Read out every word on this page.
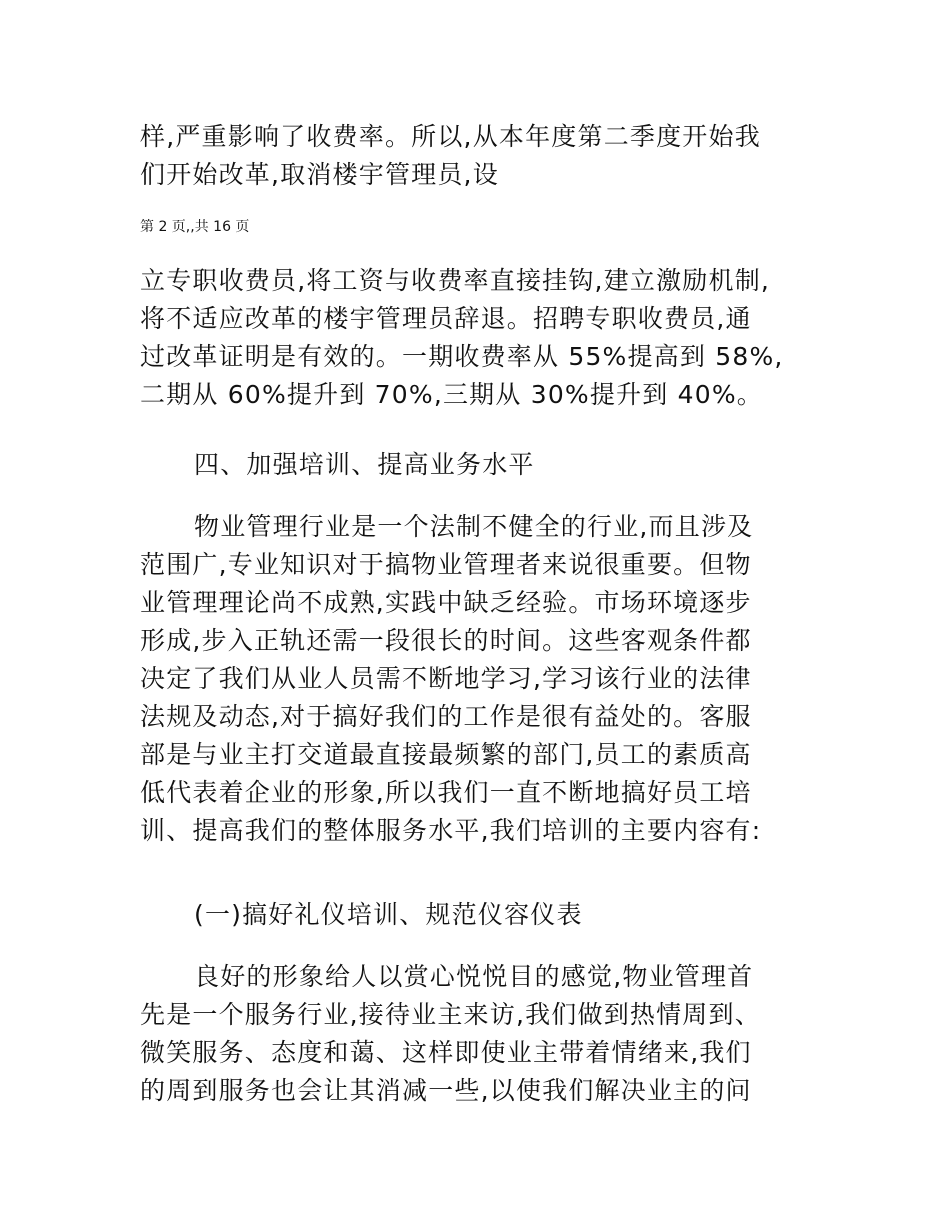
样,严重影响了收费率。所以,从本年度第二季度开始我
们开始改革,取消楼宇管理员,设
第 2 页,,共 16 页
立专职收费员,将工资与收费率直接挂钩,建立激励机制,
将不适应改革的楼宇管理员辞退。招聘专职收费员,通
过改革证明是有效的。一期收费率从 55%提高到 58%,
二期从 60%提升到 70%,三期从 30%提升到 40%。
四、加强培训、提高业务水平
物业管理行业是一个法制不健全的行业,而且涉及
范围广,专业知识对于搞物业管理者来说很重要。但物
业管理理论尚不成熟,实践中缺乏经验。市场环境逐步
形成,步入正轨还需一段很长的时间。这些客观条件都
决定了我们从业人员需不断地学习,学习该行业的法律
法规及动态,对于搞好我们的工作是很有益处的。客服
部是与业主打交道最直接最频繁的部门,员工的素质高
低代表着企业的形象,所以我们一直不断地搞好员工培
训、提高我们的整体服务水平,我们培训的主要内容有:
(一)搞好礼仪培训、规范仪容仪表
良好的形象给人以赏心悦悦目的感觉,物业管理首
先是一个服务行业,接待业主来访,我们做到热情周到、
微笑服务、态度和蔼、这样即使业主带着情绪来,我们
的周到服务也会让其消减一些,以使我们解决业主的问
